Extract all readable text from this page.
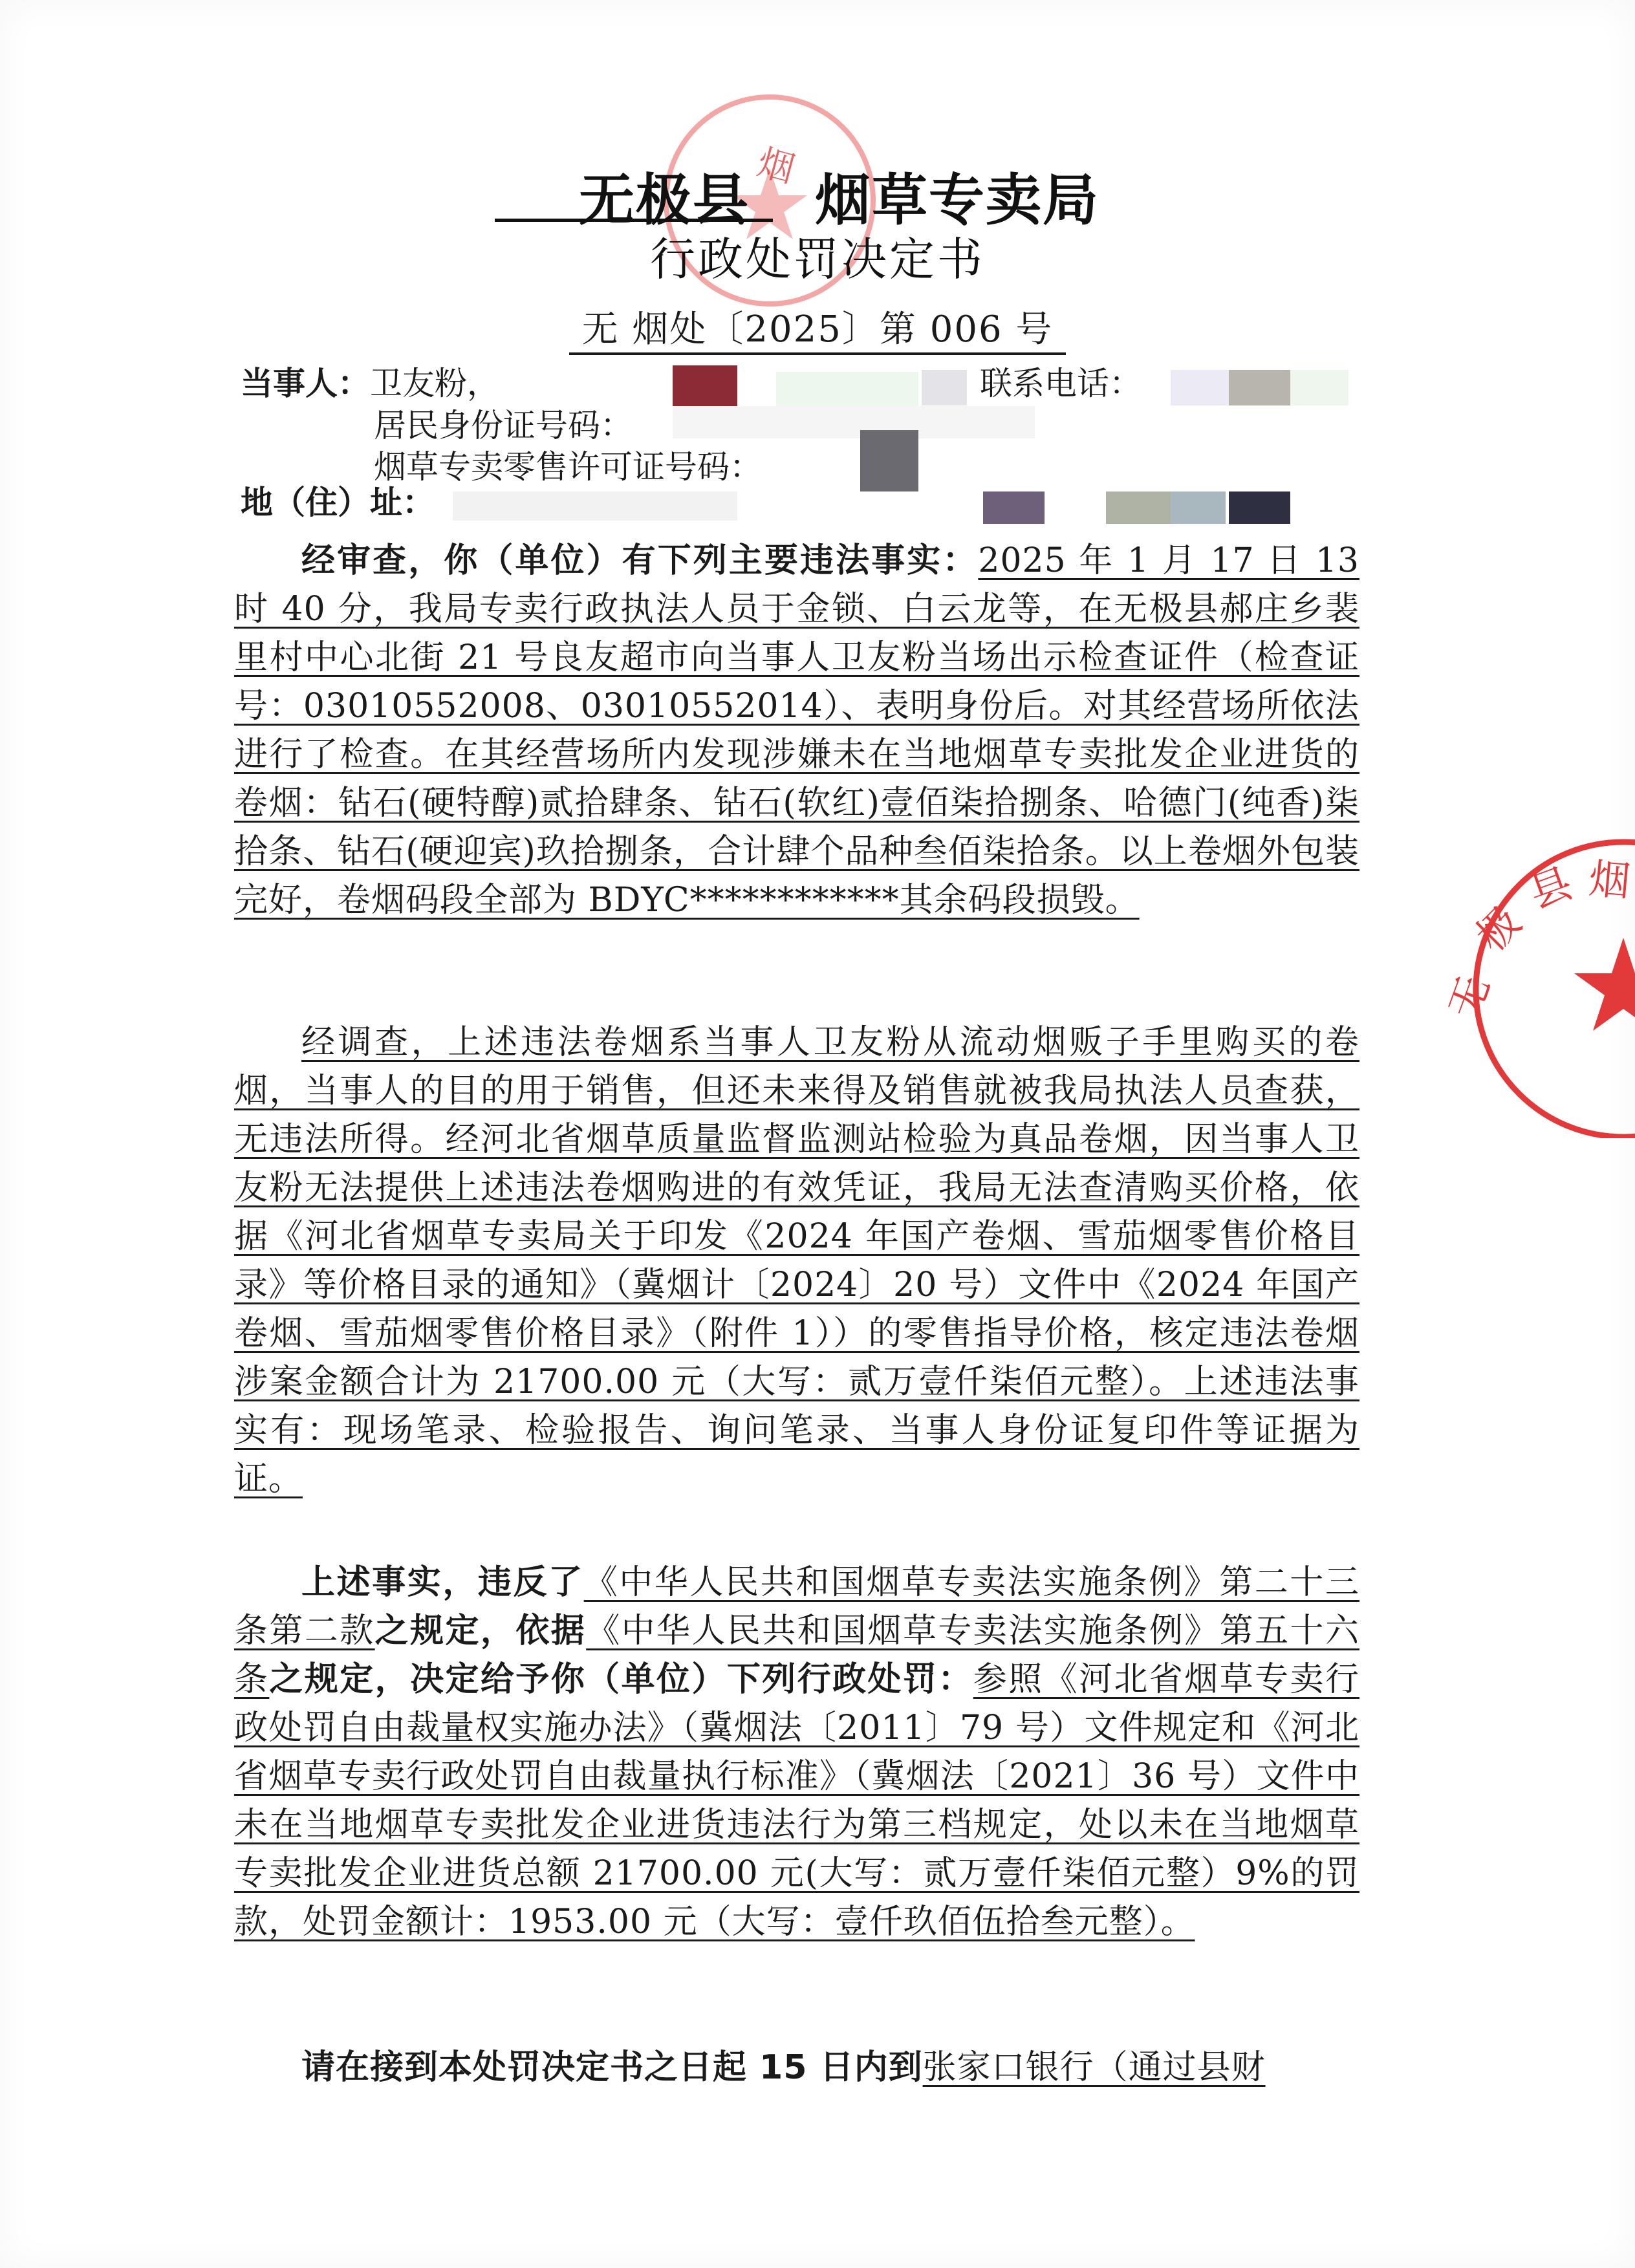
烟
无
极
县 烟
无极县 烟草专卖局
行政处罚决定书
无 烟处〔2025〕第 006 号
当事人：卫友粉，	联系电话：
居民身份证号码：
烟草专卖零售许可证号码：
地（住）址：
经审查，你（单位）有下列主要违法事实：2025 年 1 月 17 日 13 时 40 分，我局专卖行政执法人员于金锁、白云龙等，在无极县郝庄乡裴里村中心北街 21 号良友超市向当事人卫友粉当场出示检查证件（检查证号：03010552008、03010552014）、表明身份后。对其经营场所依法进行了检查。在其经营场所内发现涉嫌未在当地烟草专卖批发企业进货的卷烟：钻石(硬特醇)贰拾肆条、钻石(软红)壹佰柒拾捌条、哈德门(纯香)柒拾条、钻石(硬迎宾)玖拾捌条，合计肆个品种叁佰柒拾条。以上卷烟外包装完好，卷烟码段全部为 BDYC************其余码段损毁。
经调查，上述违法卷烟系当事人卫友粉从流动烟贩子手里购买的卷烟，当事人的目的用于销售，但还未来得及销售就被我局执法人员查获，无违法所得。经河北省烟草质量监督监测站检验为真品卷烟，因当事人卫友粉无法提供上述违法卷烟购进的有效凭证，我局无法查清购买价格，依据《河北省烟草专卖局关于印发《2024 年国产卷烟、雪茄烟零售价格目录》等价格目录的通知》（冀烟计〔2024〕20 号）文件中《2024 年国产卷烟、雪茄烟零售价格目录》（附件 1））的零售指导价格，核定违法卷烟涉案金额合计为 21700.00 元（大写：贰万壹仟柒佰元整）。上述违法事实有：现场笔录、检验报告、询问笔录、当事人身份证复印件等证据为证。
上述事实，违反了《中华人民共和国烟草专卖法实施条例》第二十三条第二款之规定，依据《中华人民共和国烟草专卖法实施条例》第五十六条之规定，决定给予你（单位）下列行政处罚：参照《河北省烟草专卖行政处罚自由裁量权实施办法》（冀烟法〔2011〕79 号）文件规定和《河北省烟草专卖行政处罚自由裁量执行标准》（冀烟法〔2021〕36 号）文件中未在当地烟草专卖批发企业进货违法行为第三档规定，处以未在当地烟草专卖批发企业进货总额 21700.00 元(大写：贰万壹仟柒佰元整）9%的罚款，处罚金额计：1953.00 元（大写：壹仟玖佰伍拾叁元整）。
请在接到本处罚决定书之日起 15 日内到张家口银行（通过县财
